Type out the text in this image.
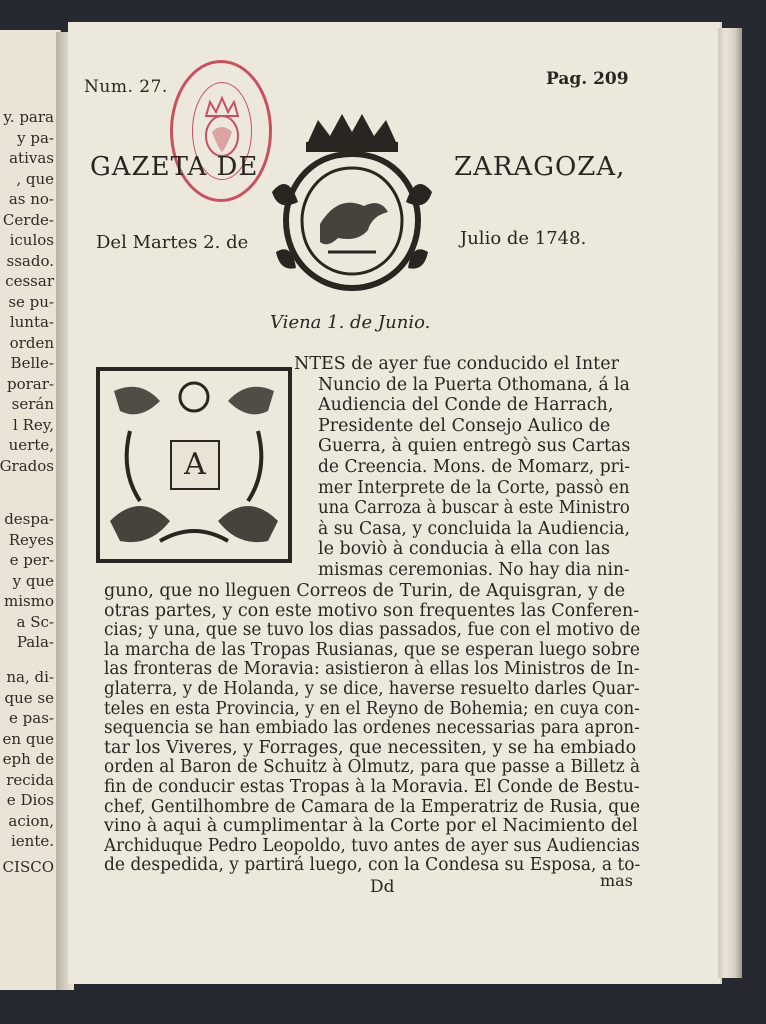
y. para
y pa-
ativas
, que
as no-
Cerde-
iculos
ssado.
cessar
se pu-
lunta-
orden
Belle-
porar-
serán
l Rey,
uerte,
Grados
despa-
Reyes
e per-
y que
mismo
a Sc-
Pala-
na, di-
que se
e pas-
en que
eph de
recida
e Dios
acion,
iente.
CISCO
Num. 27.	Pag. 209
GAZETA DE	ZARAGOZA,
Del Martes 2. de	Julio de 1748.
Viena 1. de Junio.
A
NTES de ayer fue conducido el Inter
Nuncio de la Puerta Othomana, á la
Audiencia del Conde de Harrach,
Presidente del Consejo Aulico de
Guerra, à quien entregò sus Cartas
de Creencia. Mons. de Momarz, pri-
mer Interprete de la Corte, passò en
una Carroza à buscar à este Ministro
à su Casa, y concluida la Audiencia,
le boviò à conducia à ella con las
mismas ceremonias. No hay dia nin-
guno, que no lleguen Correos de Turin, de Aquisgran, y de
otras partes, y con este motivo son frequentes las Conferen-
cias; y una, que se tuvo los dias passados, fue con el motivo de
la marcha de las Tropas Rusianas, que se esperan luego sobre
las fronteras de Moravia: asistieron à ellas los Ministros de In-
glaterra, y de Holanda, y se dice, haverse resuelto darles Quar-
teles en esta Provincia, y en el Reyno de Bohemia; en cuya con-
sequencia se han embiado las ordenes necessarias para apron-
tar los Viveres, y Forrages, que necessiten, y se ha embiado
orden al Baron de Schuitz à Olmutz, para que passe a Billetz à
fin de conducir estas Tropas à la Moravia. El Conde de Bestu-
chef, Gentilhombre de Camara de la Emperatriz de Rusia, que
vino à aqui à cumplimentar à la Corte por el Nacimiento del
Archiduque Pedro Leopoldo, tuvo antes de ayer sus Audiencias
de despedida, y partirá luego, con la Condesa su Esposa, a to-
Dd	mas
